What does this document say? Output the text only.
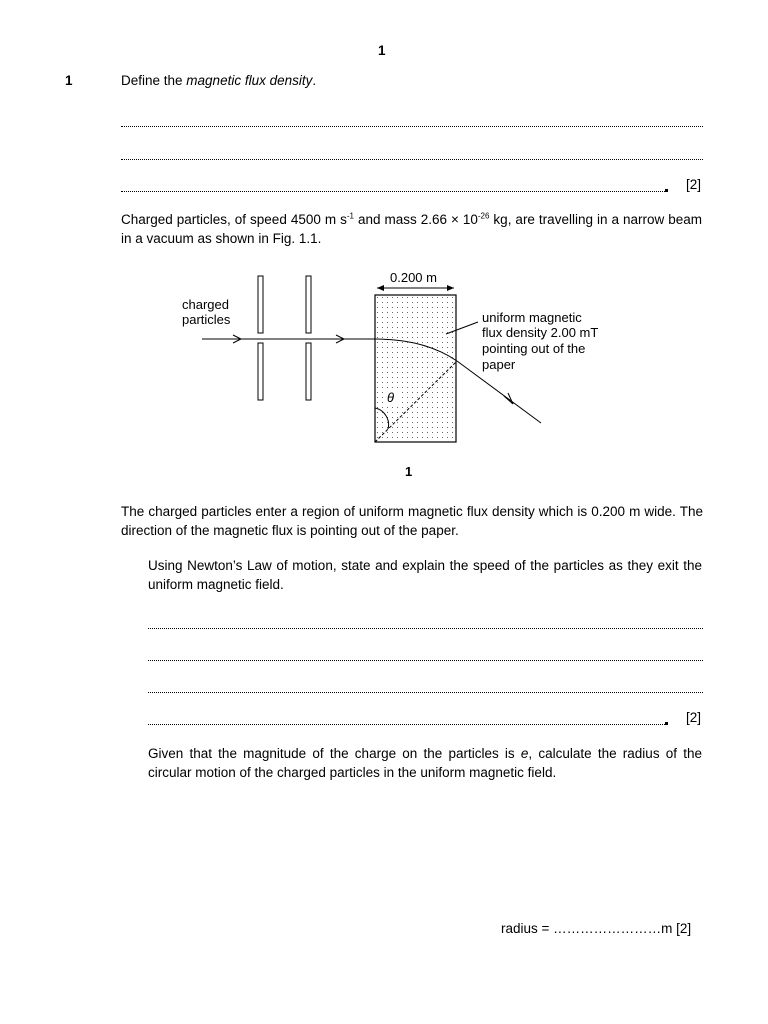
1
1	Define the magnetic flux density.
[2]
Charged particles, of speed 4500 m $s^{-1}$ and mass $2.66 \times 10^{-26}$ kg, are travelling in a narrow beam in a vacuum as shown in Fig. 1.1.
0.200 m
charged
particles	uniform magnetic
flux density 2.00 mT
pointing out of the
paper
θ
1
The charged particles enter a region of uniform magnetic flux density which is 0.200 m wide. The direction of the magnetic flux is pointing out of the paper.
Using Newton’s Law of motion, state and explain the speed of the particles as they exit the uniform magnetic field.
[2]
Given that the magnitude of the charge on the particles is e, calculate the radius of the circular motion of the charged particles in the uniform magnetic field.
radius = ……………………m [2]
